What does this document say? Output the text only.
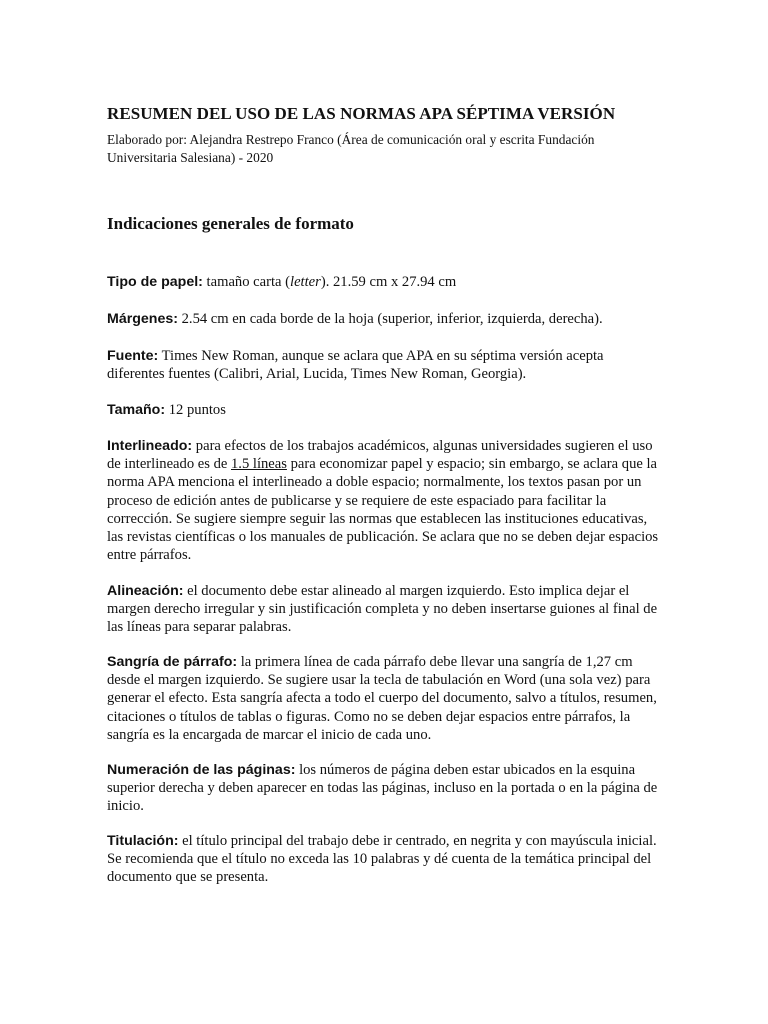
RESUMEN DEL USO DE LAS NORMAS APA SÉPTIMA VERSIÓN

Elaborado por: Alejandra Restrepo Franco (Área de comunicación oral y escrita Fundación Universitaria Salesiana) - 2020

Indicaciones generales de formato

Tipo de papel: tamaño carta (letter). 21.59 cm x 27.94 cm

Márgenes: 2.54 cm en cada borde de la hoja (superior, inferior, izquierda, derecha).

Fuente: Times New Roman, aunque se aclara que APA en su séptima versión acepta diferentes fuentes (Calibri, Arial, Lucida, Times New Roman, Georgia).

Tamaño: 12 puntos

Interlineado: para efectos de los trabajos académicos, algunas universidades sugieren el uso de interlineado es de 1.5 líneas para economizar papel y espacio; sin embargo, se aclara que la norma APA menciona el interlineado a doble espacio; normalmente, los textos pasan por un proceso de edición antes de publicarse y se requiere de este espaciado para facilitar la corrección. Se sugiere siempre seguir las normas que establecen las instituciones educativas, las revistas científicas o los manuales de publicación. Se aclara que no se deben dejar espacios entre párrafos.

Alineación: el documento debe estar alineado al margen izquierdo. Esto implica dejar el margen derecho irregular y sin justificación completa y no deben insertarse guiones al final de las líneas para separar palabras.

Sangría de párrafo: la primera línea de cada párrafo debe llevar una sangría de 1,27 cm desde el margen izquierdo. Se sugiere usar la tecla de tabulación en Word (una sola vez) para generar el efecto. Esta sangría afecta a todo el cuerpo del documento, salvo a títulos, resumen, citaciones o títulos de tablas o figuras. Como no se deben dejar espacios entre párrafos, la sangría es la encargada de marcar el inicio de cada uno.

Numeración de las páginas: los números de página deben estar ubicados en la esquina superior derecha y deben aparecer en todas las páginas, incluso en la portada o en la página de inicio.

Titulación: el título principal del trabajo debe ir centrado, en negrita y con mayúscula inicial. Se recomienda que el título no exceda las 10 palabras y dé cuenta de la temática principal del documento que se presenta.
